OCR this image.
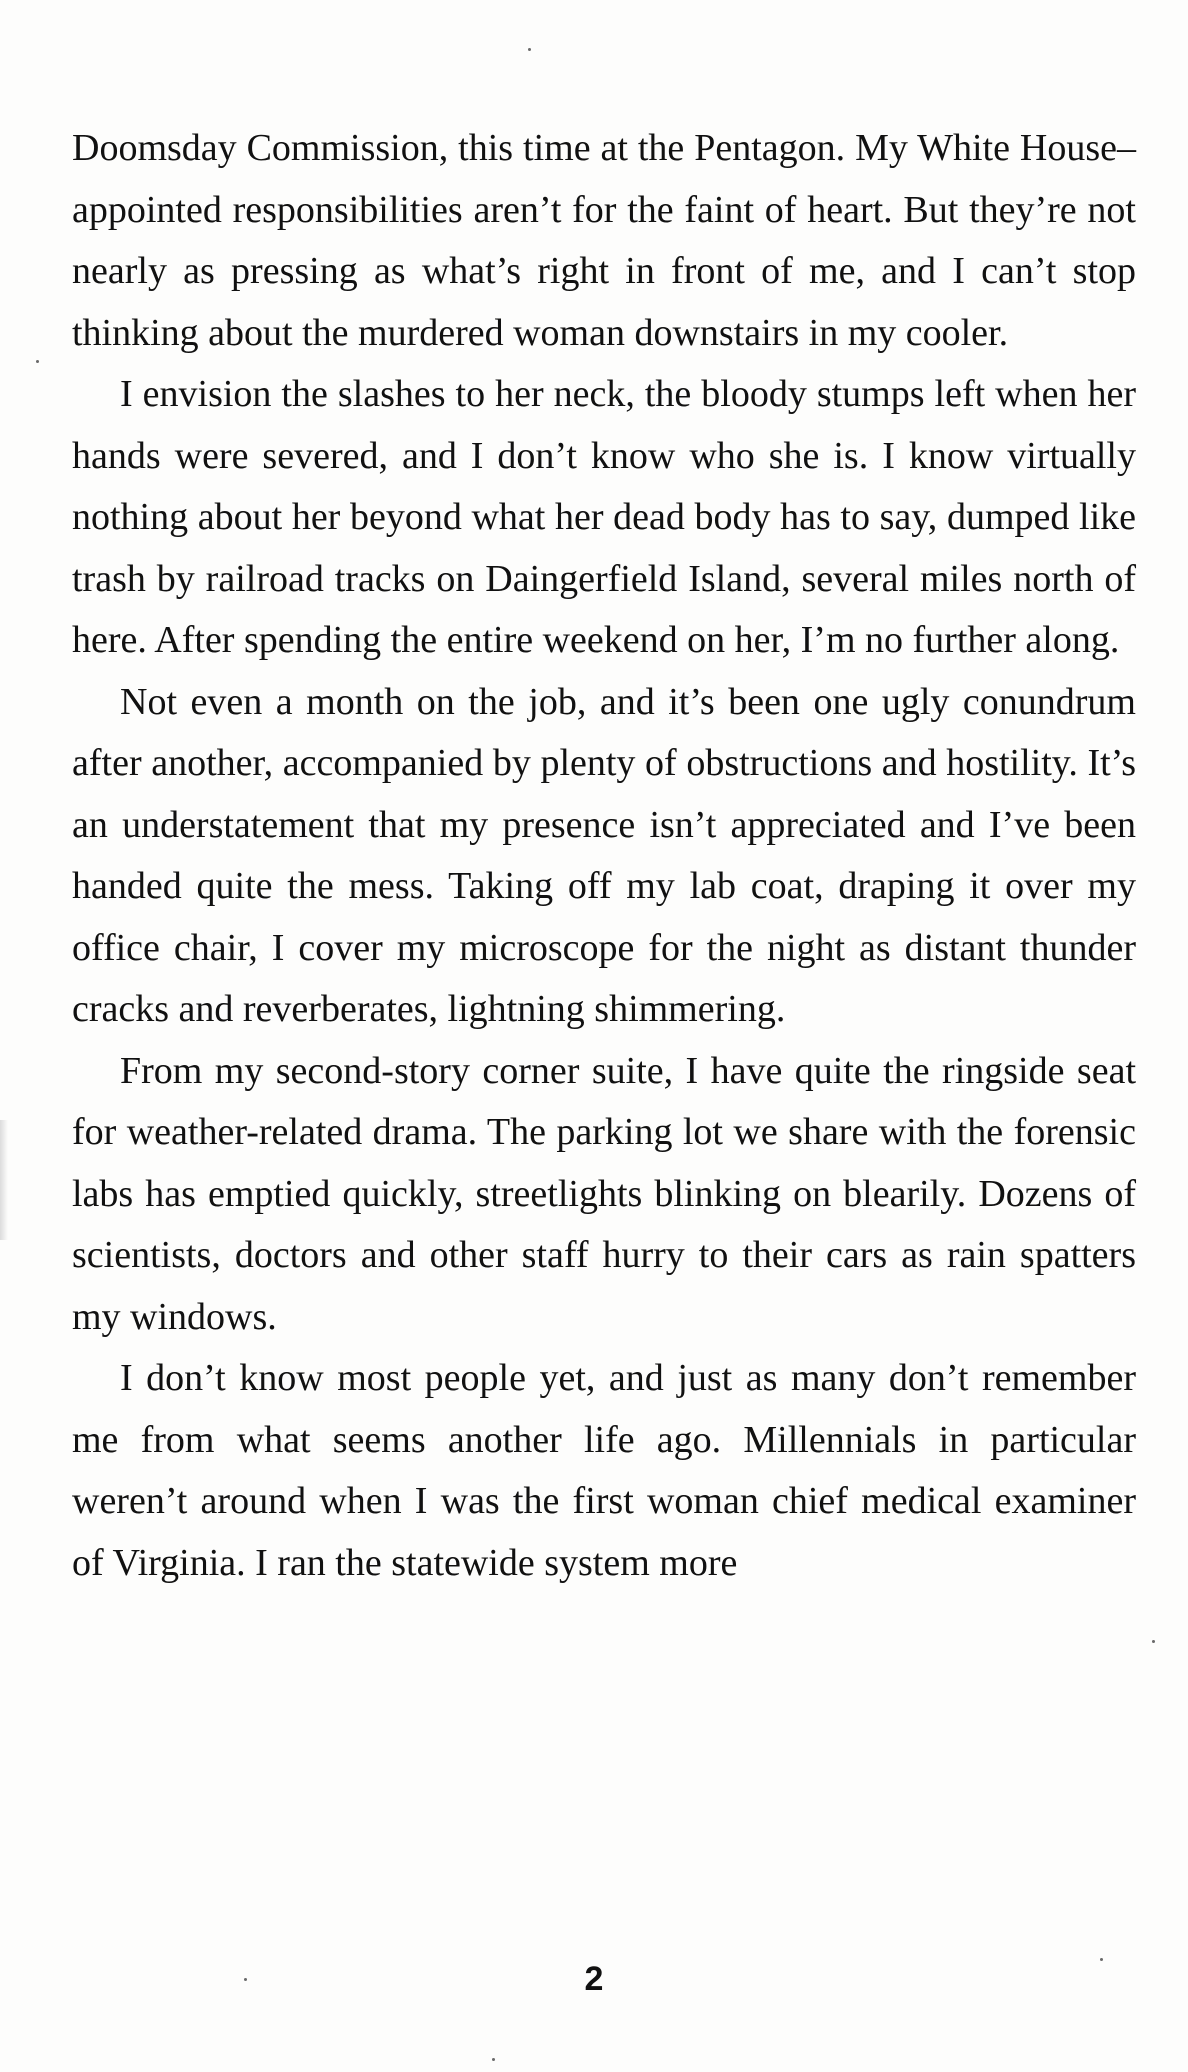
Doomsday Commission, this time at the Pentagon. My White House–appointed responsibilities aren’t for the faint of heart. But they’re not nearly as pressing as what’s right in front of me, and I can’t stop thinking about the murdered woman downstairs in my cooler.

I envision the slashes to her neck, the bloody stumps left when her hands were severed, and I don’t know who she is. I know virtually nothing about her beyond what her dead body has to say, dumped like trash by railroad tracks on Daingerfield Island, several miles north of here. After spending the entire weekend on her, I’m no further along.

Not even a month on the job, and it’s been one ugly conundrum after another, accompanied by plenty of obstructions and hostility. It’s an understatement that my presence isn’t appreciated and I’ve been handed quite the mess. Taking off my lab coat, draping it over my office chair, I cover my microscope for the night as distant thunder cracks and reverberates, lightning shimmering.

From my second-story corner suite, I have quite the ringside seat for weather-related drama. The parking lot we share with the forensic labs has emptied quickly, streetlights blinking on blearily. Dozens of scientists, doctors and other staff hurry to their cars as rain spatters my windows.

I don’t know most people yet, and just as many don’t remember me from what seems another life ago. Millennials in particular weren’t around when I was the first woman chief medical examiner of Virginia. I ran the statewide system more

2
